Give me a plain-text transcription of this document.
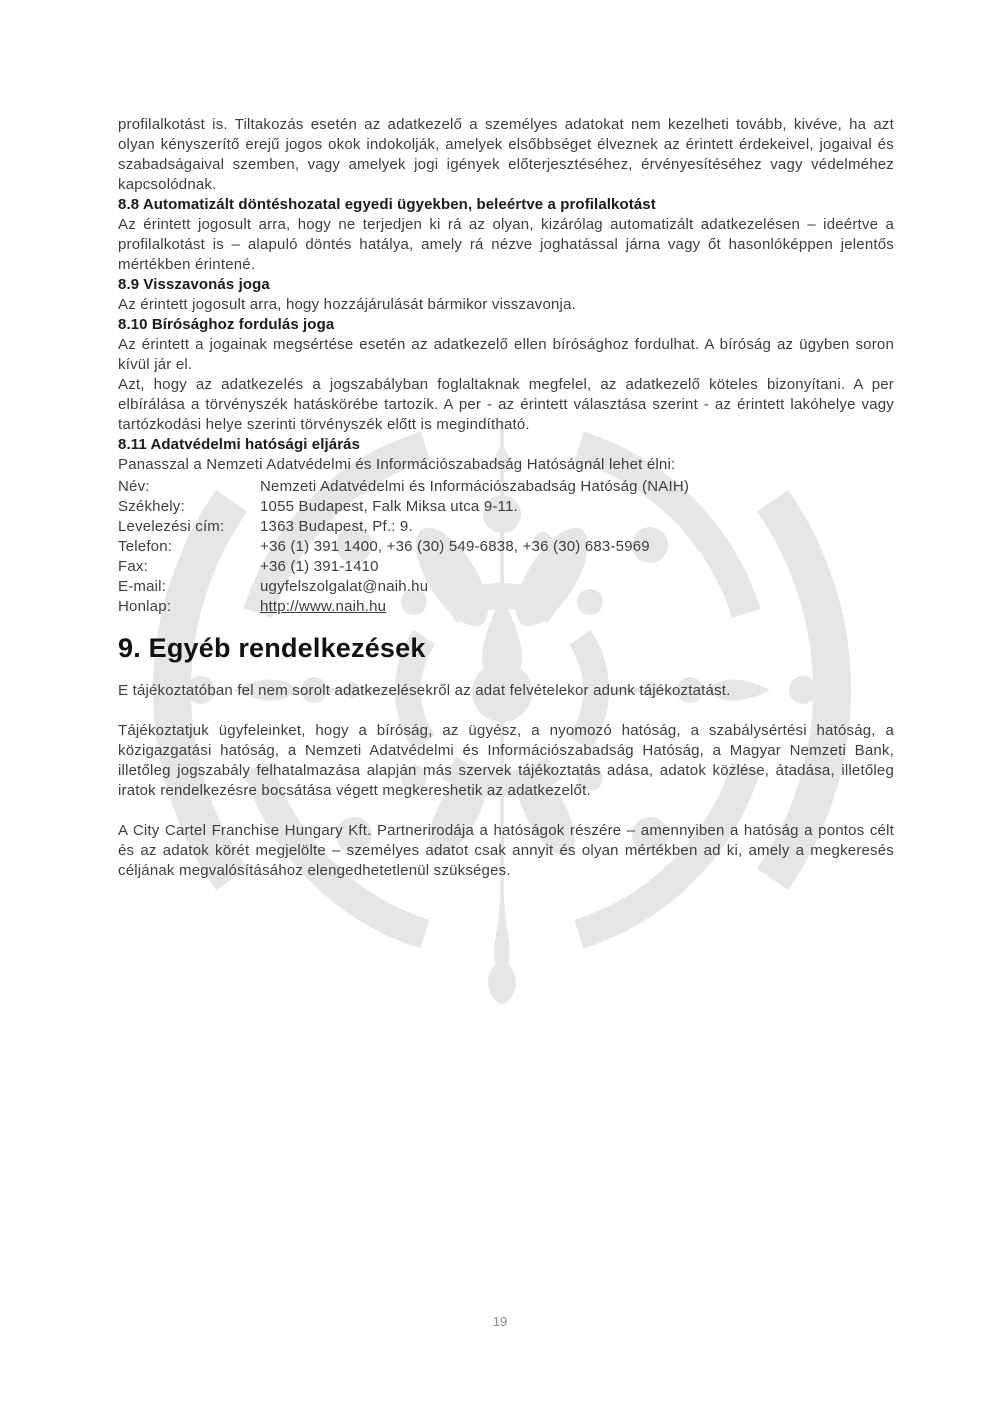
profilalkotást is. Tiltakozás esetén az adatkezelő a személyes adatokat nem kezelheti tovább, kivéve, ha azt olyan kényszerítő erejű jogos okok indokolják, amelyek elsőbbséget élveznek az érintett érdekeivel, jogaival és szabadságaival szemben, vagy amelyek jogi igények előterjesztéséhez, érvényesítéséhez vagy védelméhez kapcsolódnak.

8.8 Automatizált döntéshozatal egyedi ügyekben, beleértve a profilalkotást

Az érintett jogosult arra, hogy ne terjedjen ki rá az olyan, kizárólag automatizált adatkezelésen – ideértve a profilalkotást is – alapuló döntés hatálya, amely rá nézve joghatással járna vagy őt hasonlóképpen jelentős mértékben érintené.

8.9 Visszavonás joga

Az érintett jogosult arra, hogy hozzájárulását bármikor visszavonja.

8.10 Bírósághoz fordulás joga

Az érintett a jogainak megsértése esetén az adatkezelő ellen bírósághoz fordulhat. A bíróság az ügyben soron kívül jár el.

Azt, hogy az adatkezelés a jogszabályban foglaltaknak megfelel, az adatkezelő köteles bizonyítani. A per elbírálása a törvényszék hatáskörébe tartozik. A per - az érintett választása szerint - az érintett lakóhelye vagy tartózkodási helye szerinti törvényszék előtt is megindítható.

8.11 Adatvédelmi hatósági eljárás

Panasszal a Nemzeti Adatvédelmi és Információszabadság Hatóságnál lehet élni:

Név:	Nemzeti Adatvédelmi és Információszabadság Hatóság (NAIH)
Székhely:	1055 Budapest, Falk Miksa utca 9-11.
Levelezési cím:	1363 Budapest, Pf.: 9.
Telefon:	+36 (1) 391 1400, +36 (30) 549-6838, +36 (30) 683-5969
Fax:	+36 (1) 391-1410
E-mail:	ugyfelszolgalat@naih.hu
Honlap:	http://www.naih.hu
9. Egyéb rendelkezések

E tájékoztatóban fel nem sorolt adatkezelésekről az adat felvételekor adunk tájékoztatást.

Tájékoztatjuk ügyfeleinket, hogy a bíróság, az ügyész, a nyomozó hatóság, a szabálysértési hatóság, a közigazgatási hatóság, a Nemzeti Adatvédelmi és Információszabadság Hatóság, a Magyar Nemzeti Bank, illetőleg jogszabály felhatalmazása alapján más szervek tájékoztatás adása, adatok közlése, átadása, illetőleg iratok rendelkezésre bocsátása végett megkereshetik az adatkezelőt.

A City Cartel Franchise Hungary Kft. Partnerirodája a hatóságok részére – amennyiben a hatóság a pontos célt és az adatok körét megjelölte – személyes adatot csak annyit és olyan mértékben ad ki, amely a megkeresés céljának megvalósításához elengedhetetlenül szükséges.

19
